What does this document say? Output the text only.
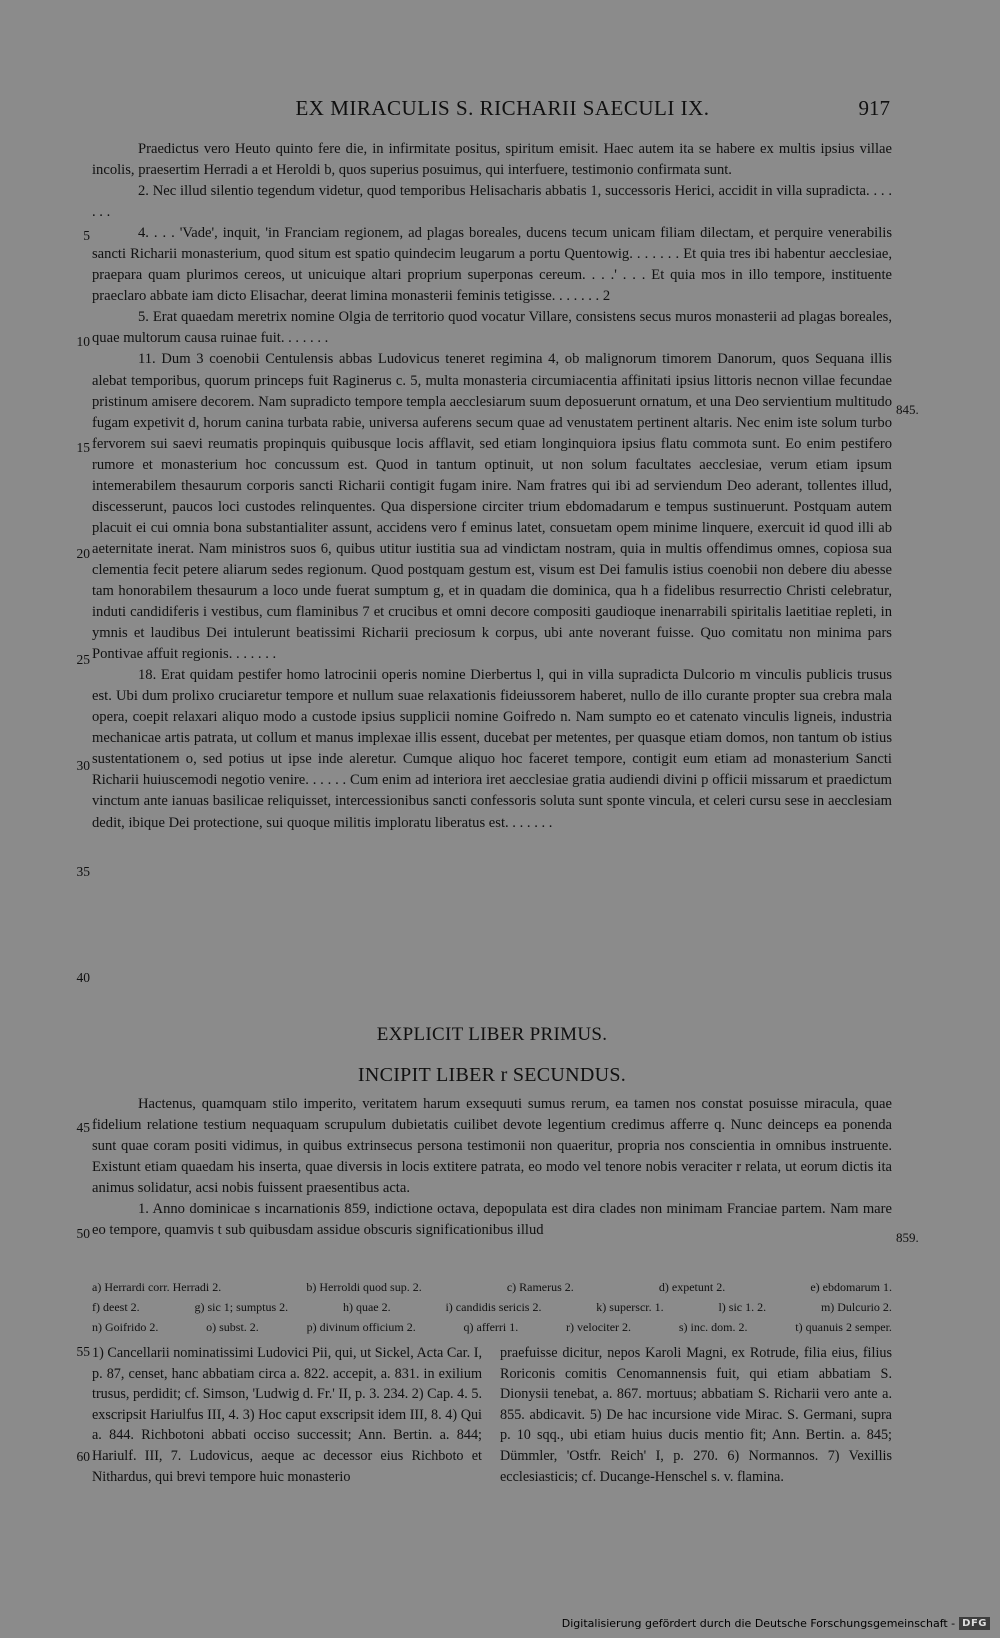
EX MIRACULIS S. RICHARII SAECULI IX.	917

Praedictus vero Heuto quinto fere die, in infirmitate positus, spiritum emisit. Haec autem ita se habere ex multis ipsius villae incolis, praesertim Herradi a et Heroldi b, quos superius posuimus, qui interfuere, testimonio confirmata sunt.

2. Nec illud silentio tegendum videtur, quod temporibus Helisacharis abbatis 1, successoris Herici, accidit in villa supradicta. . . . . . .

4. . . . 'Vade', inquit, 'in Franciam regionem, ad plagas boreales, ducens tecum unicam filiam dilectam, et perquire venerabilis sancti Richarii monasterium, quod situm est spatio quindecim leugarum a portu Quentowig. . . . . . . Et quia tres ibi habentur aecclesiae, praepara quam plurimos cereos, ut unicuique altari proprium superponas cereum. . . .' . . . Et quia mos in illo tempore, instituente praeclaro abbate iam dicto Elisachar, deerat limina monasterii feminis tetigisse. . . . . . . 2

5. Erat quaedam meretrix nomine Olgia de territorio quod vocatur Villare, consistens secus muros monasterii ad plagas boreales, quae multorum causa ruinae fuit. . . . . . .

11. Dum 3 coenobii Centulensis abbas Ludovicus teneret regimina 4, ob malignorum timorem Danorum, quos Sequana illis alebat temporibus, quorum princeps fuit Raginerus c. 5, multa monasteria circumiacentia affinitati ipsius littoris necnon villae fecundae pristinum amisere decorem. Nam supradicto tempore templa aecclesiarum suum deposuerunt ornatum, et una Deo servientium multitudo fugam expetivit d, horum canina turbata rabie, universa auferens secum quae ad venustatem pertinent altaris. Nec enim iste solum turbo fervorem sui saevi reumatis propinquis quibusque locis afflavit, sed etiam longinquiora ipsius flatu commota sunt. Eo enim pestifero rumore et monasterium hoc concussum est. Quod in tantum optinuit, ut non solum facultates aecclesiae, verum etiam ipsum intemerabilem thesaurum corporis sancti Richarii contigit fugam inire. Nam fratres qui ibi ad serviendum Deo aderant, tollentes illud, discesserunt, paucos loci custodes relinquentes. Qua dispersione circiter trium ebdomadarum e tempus sustinuerunt. Postquam autem placuit ei cui omnia bona substantialiter assunt, accidens vero f eminus latet, consuetam opem minime linquere, exercuit id quod illi ab aeternitate inerat. Nam ministros suos 6, quibus utitur iustitia sua ad vindictam nostram, quia in multis offendimus omnes, copiosa sua clementia fecit petere aliarum sedes regionum. Quod postquam gestum est, visum est Dei famulis istius coenobii non debere diu abesse tam honorabilem thesaurum a loco unde fuerat sumptum g, et in quadam die dominica, qua h a fidelibus resurrectio Christi celebratur, induti candidiferis i vestibus, cum flaminibus 7 et crucibus et omni decore compositi gaudioque inenarrabili spiritalis laetitiae repleti, in ymnis et laudibus Dei intulerunt beatissimi Richarii preciosum k corpus, ubi ante noverant fuisse. Quo comitatu non minima pars Pontivae affuit regionis. . . . . . .

18. Erat quidam pestifer homo latrocinii operis nomine Dierbertus l, qui in villa supradicta Dulcorio m vinculis publicis trusus est. Ubi dum prolixo cruciaretur tempore et nullum suae relaxationis fideiussorem haberet, nullo de illo curante propter sua crebra mala opera, coepit relaxari aliquo modo a custode ipsius supplicii nomine Goifredo n. Nam sumpto eo et catenato vinculis ligneis, industria mechanicae artis patrata, ut collum et manus implexae illis essent, ducebat per metentes, per quasque etiam domos, non tantum ob istius sustentationem o, sed potius ut ipse inde aleretur. Cumque aliquo hoc faceret tempore, contigit eum etiam ad monasterium Sancti Richarii huiuscemodi negotio venire. . . . . . Cum enim ad interiora iret aecclesiae gratia audiendi divini p officii missarum et praedictum vinctum ante ianuas basilicae reliquisset, intercessionibus sancti confessoris soluta sunt sponte vincula, et celeri cursu sese in aecclesiam dedit, ibique Dei protectione, sui quoque militis imploratu liberatus est. . . . . . .

EXPLICIT LIBER PRIMUS.
INCIPIT LIBER r SECUNDUS.

Hactenus, quamquam stilo imperito, veritatem harum exsequuti sumus rerum, ea tamen nos constat posuisse miracula, quae fidelium relatione testium nequaquam scrupulum dubietatis cuilibet devote legentium credimus afferre q. Nunc deinceps ea ponenda sunt quae coram positi vidimus, in quibus extrinsecus persona testimonii non quaeritur, propria nos conscientia in omnibus instruente. Existunt etiam quaedam his inserta, quae diversis in locis extitere patrata, eo modo vel tenore nobis veraciter r relata, ut eorum dictis ita animus solidatur, acsi nobis fuissent praesentibus acta.

1. Anno dominicae s incarnationis 859, indictione octava, depopulata est dira clades non minimam Franciae partem. Nam mare eo tempore, quamvis t sub quibusdam assidue obscuris significationibus illud

5
10
15
20
25
30
35
40
45
50
55
60
845.
859.
a) Herrardi corr. Herradi 2.	b) Herroldi quod sup. 2.	c) Ramerus 2.	d) expetunt 2.	e) ebdomarum 1.
f) deest 2.	g) sic 1; sumptus 2.	h) quae 2.	i) candidis sericis 2.	k) superscr. 1.	l) sic 1. 2.	m) Dulcurio 2.
n) Goifrido 2.	o) subst. 2.	p) divinum officium 2.	q) afferri 1.	r) velociter 2.	s) inc. dom. 2.	t) quanuis 2 semper.

1) Cancellarii nominatissimi Ludovici Pii, qui, ut Sickel, Acta Car. I, p. 87, censet, hanc abbatiam circa a. 822. accepit, a. 831. in exilium trusus, perdidit; cf. Simson, 'Ludwig d. Fr.' II, p. 3. 234. 2) Cap. 4. 5. exscripsit Hariulfus III, 4. 3) Hoc caput exscripsit idem III, 8. 4) Qui a. 844. Richbotoni abbati occiso successit; Ann. Bertin. a. 844; Hariulf. III, 7. Ludovicus, aeque ac decessor eius Richboto et Nithardus, qui brevi tempore huic monasterio

praefuisse dicitur, nepos Karoli Magni, ex Rotrude, filia eius, filius Roriconis comitis Cenomannensis fuit, qui etiam abbatiam S. Dionysii tenebat, a. 867. mortuus; abbatiam S. Richarii vero ante a. 855. abdicavit. 5) De hac incursione vide Mirac. S. Germani, supra p. 10 sqq., ubi etiam huius ducis mentio fit; Ann. Bertin. a. 845; Dümmler, 'Ostfr. Reich' I, p. 270. 6) Normannos. 7) Vexillis ecclesiasticis; cf. Ducange-Henschel s. v. flamina.

Digitalisierung gefördert durch die Deutsche Forschungsgemeinschaft - DFG
